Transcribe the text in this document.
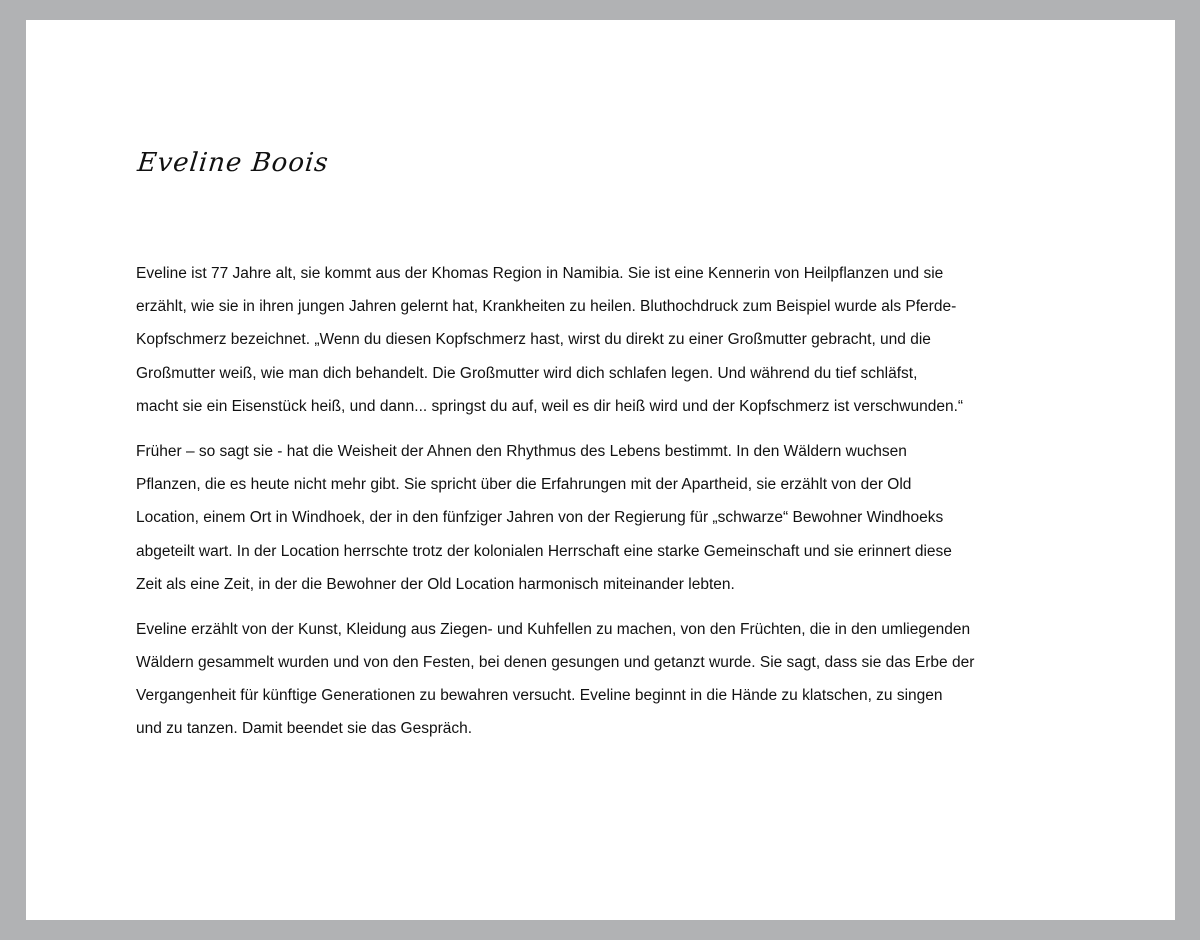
Eveline Boois

Eveline ist 77 Jahre alt, sie kommt aus der Khomas Region in Namibia. Sie ist eine Kennerin von Heilpflanzen und sie
erzählt, wie sie in ihren jungen Jahren gelernt hat, Krankheiten zu heilen. Bluthochdruck zum Beispiel wurde als Pferde-
Kopfschmerz bezeichnet. „Wenn du diesen Kopfschmerz hast, wirst du direkt zu einer Großmutter gebracht, und die
Großmutter weiß, wie man dich behandelt. Die Großmutter wird dich schlafen legen. Und während du tief schläfst,
macht sie ein Eisenstück heiß, und dann... springst du auf, weil es dir heiß wird und der Kopfschmerz ist verschwunden.“

Früher – so sagt sie - hat die Weisheit der Ahnen den Rhythmus des Lebens bestimmt. In den Wäldern wuchsen
Pflanzen, die es heute nicht mehr gibt. Sie spricht über die Erfahrungen mit der Apartheid, sie erzählt von der Old
Location, einem Ort in Windhoek, der in den fünfziger Jahren von der Regierung für „schwarze“ Bewohner Windhoeks
abgeteilt wart. In der Location herrschte trotz der kolonialen Herrschaft eine starke Gemeinschaft und sie erinnert diese
Zeit als eine Zeit, in der die Bewohner der Old Location harmonisch miteinander lebten.

Eveline erzählt von der Kunst, Kleidung aus Ziegen- und Kuhfellen zu machen, von den Früchten, die in den umliegenden
Wäldern gesammelt wurden und von den Festen, bei denen gesungen und getanzt wurde. Sie sagt, dass sie das Erbe der
Vergangenheit für künftige Generationen zu bewahren versucht. Eveline beginnt in die Hände zu klatschen, zu singen
und zu tanzen. Damit beendet sie das Gespräch.
